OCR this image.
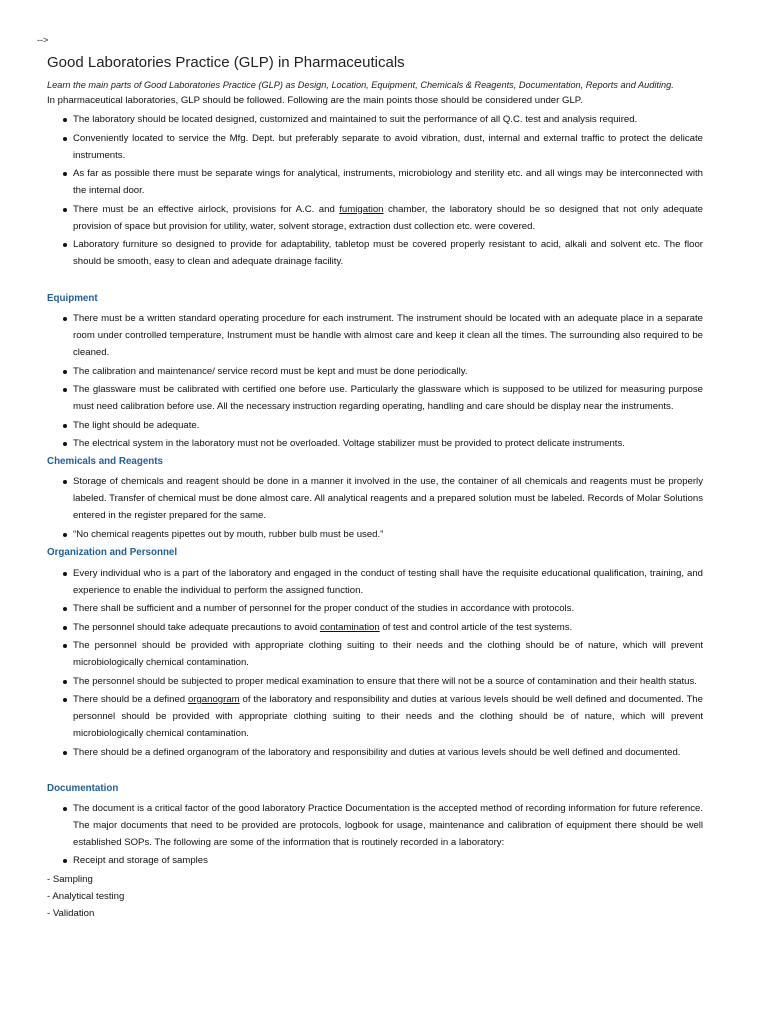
-->
Good Laboratories Practice (GLP) in Pharmaceuticals

Learn the main parts of Good Laboratories Practice (GLP) as Design, Location, Equipment, Chemicals & Reagents, Documentation, Reports and Auditing.

In pharmaceutical laboratories, GLP should be followed. Following are the main points those should be considered under GLP.

The laboratory should be located designed, customized and maintained to suit the performance of all Q.C. test and analysis required.
Conveniently located to service the Mfg. Dept. but preferably separate to avoid vibration, dust, internal and external traffic to protect the delicate instruments.
As far as possible there must be separate wings for analytical, instruments, microbiology and sterility etc. and all wings may be interconnected with the internal door.
There must be an effective airlock, provisions for A.C. and fumigation chamber, the laboratory should be so designed that not only adequate provision of space but provision for utility, water, solvent storage, extraction dust collection etc. were covered.
Laboratory furniture so designed to provide for adaptability, tabletop must be covered properly resistant to acid, alkali and solvent etc. The floor should be smooth, easy to clean and adequate drainage facility.
Equipment
There must be a written standard operating procedure for each instrument. The instrument should be located with an adequate place in a separate room under controlled temperature, Instrument must be handle with almost care and keep it clean all the times. The surrounding also required to be cleaned.
The calibration and maintenance/ service record must be kept and must be done periodically.
The glassware must be calibrated with certified one before use. Particularly the glassware which is supposed to be utilized for measuring purpose must need calibration before use. All the necessary instruction regarding operating, handling and care should be display near the instruments.
The light should be adequate.
The electrical system in the laboratory must not be overloaded. Voltage stabilizer must be provided to protect delicate instruments.
Chemicals and Reagents
Storage of chemicals and reagent should be done in a manner it involved in the use, the container of all chemicals and reagents must be properly labeled. Transfer of chemical must be done almost care. All analytical reagents and a prepared solution must be labeled. Records of Molar Solutions entered in the register prepared for the same.
“No chemical reagents pipettes out by mouth, rubber bulb must be used.”
Organization and Personnel
Every individual who is a part of the laboratory and engaged in the conduct of testing shall have the requisite educational qualification, training, and experience to enable the individual to perform the assigned function.
There shall be sufficient and a number of personnel for the proper conduct of the studies in accordance with protocols.
The personnel should take adequate precautions to avoid contamination of test and control article of the test systems.
The personnel should be provided with appropriate clothing suiting to their needs and the clothing should be of nature, which will prevent microbiologically chemical contamination.
The personnel should be subjected to proper medical examination to ensure that there will not be a source of contamination and their health status.
There should be a defined organogram of the laboratory and responsibility and duties at various levels should be well defined and documented. The personnel should be provided with appropriate clothing suiting to their needs and the clothing should be of nature, which will prevent microbiologically chemical contamination.
There should be a defined organogram of the laboratory and responsibility and duties at various levels should be well defined and documented.
Documentation
The document is a critical factor of the good laboratory Practice Documentation is the accepted method of recording information for future reference. The major documents that need to be provided are protocols, logbook for usage, maintenance and calibration of equipment there should be well established SOPs. The following are some of the information that is routinely recorded in a laboratory:
Receipt and storage of samples
- Sampling
- Analytical testing
- Validation
